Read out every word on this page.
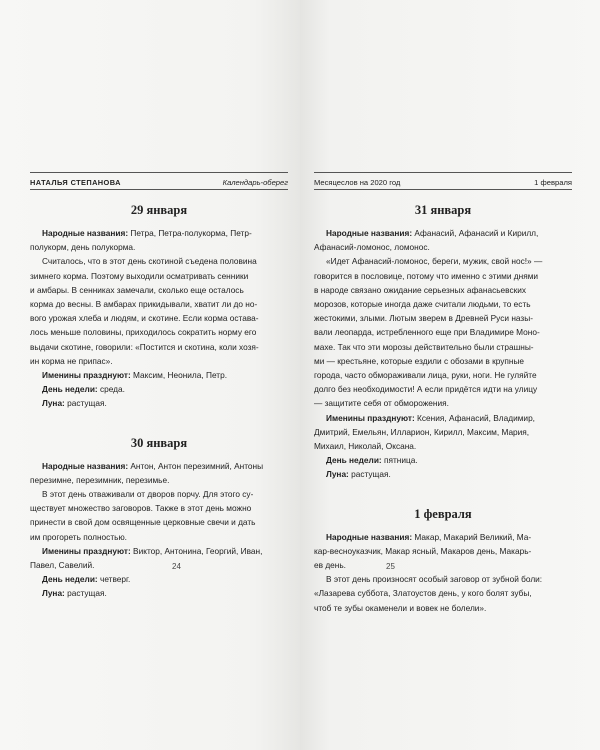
НАТАЛЬЯ СТЕПАНОВА	Календарь-оберег
29 января

Народные названия: Петра, Петра-полукорма, Петр-

полукорм, день полукорма.

Считалось, что в этот день скотиной съедена половина

зимнего корма. Поэтому выходили осматривать сенники

и амбары. В сенниках замечали, сколько еще осталось

корма до весны. В амбарах прикидывали, хватит ли до но-

вого урожая хлеба и людям, и скотине. Если корма остава-

лось меньше половины, приходилось сократить норму его

выдачи скотине, говорили: «Постится и скотина, коли хозя-

ин корма не припас».

Именины празднуют: Максим, Неонила, Петр.

День недели: среда.

Луна: растущая.

30 января

Народные названия: Антон, Антон перезимний, Антоны

перезимне, перезимник, перезимье.

В этот день отваживали от дворов порчу. Для этого су-

ществует множество заговоров. Также в этот день можно

принести в свой дом освященные церковные свечи и дать

им прогореть полностью.

Именины празднуют: Виктор, Антонина, Георгий, Иван,

Павел, Савелий.

День недели: четверг.

Луна: растущая.

24
Месяцеслов на 2020 год	1 февраля
31 января

Народные названия: Афанасий, Афанасий и Кирилл,

Афанасий-ломонос, ломонос.

«Идет Афанасий-ломонос, береги, мужик, свой нос!» —

говорится в пословице, потому что именно с этими днями

в народе связано ожидание серьезных афанасьевских

морозов, которые иногда даже считали людьми, то есть

жестокими, злыми. Лютым зверем в Древней Руси назы-

вали леопарда, истребленного еще при Владимире Моно-

махе. Так что эти морозы действительно были страшны-

ми — крестьяне, которые ездили с обозами в крупные

города, часто обмораживали лица, руки, ноги. Не гуляйте

долго без необходимости! А если придётся идти на улицу

— защитите себя от обморожения.

Именины празднуют: Ксения, Афанасий, Владимир,

Дмитрий, Емельян, Илларион, Кирилл, Максим, Мария,

Михаил, Николай, Оксана.

День недели: пятница.

Луна: растущая.

1 февраля

Народные названия: Макар, Макарий Великий, Ма-

кар-весноуказчик, Макар ясный, Макаров день, Макарь-

ев день.

В этот день произносят особый заговор от зубной боли:

«Лазарева суббота, Златоустов день, у кого болят зубы,

чтоб те зубы окаменели и вовек не болели».

25
